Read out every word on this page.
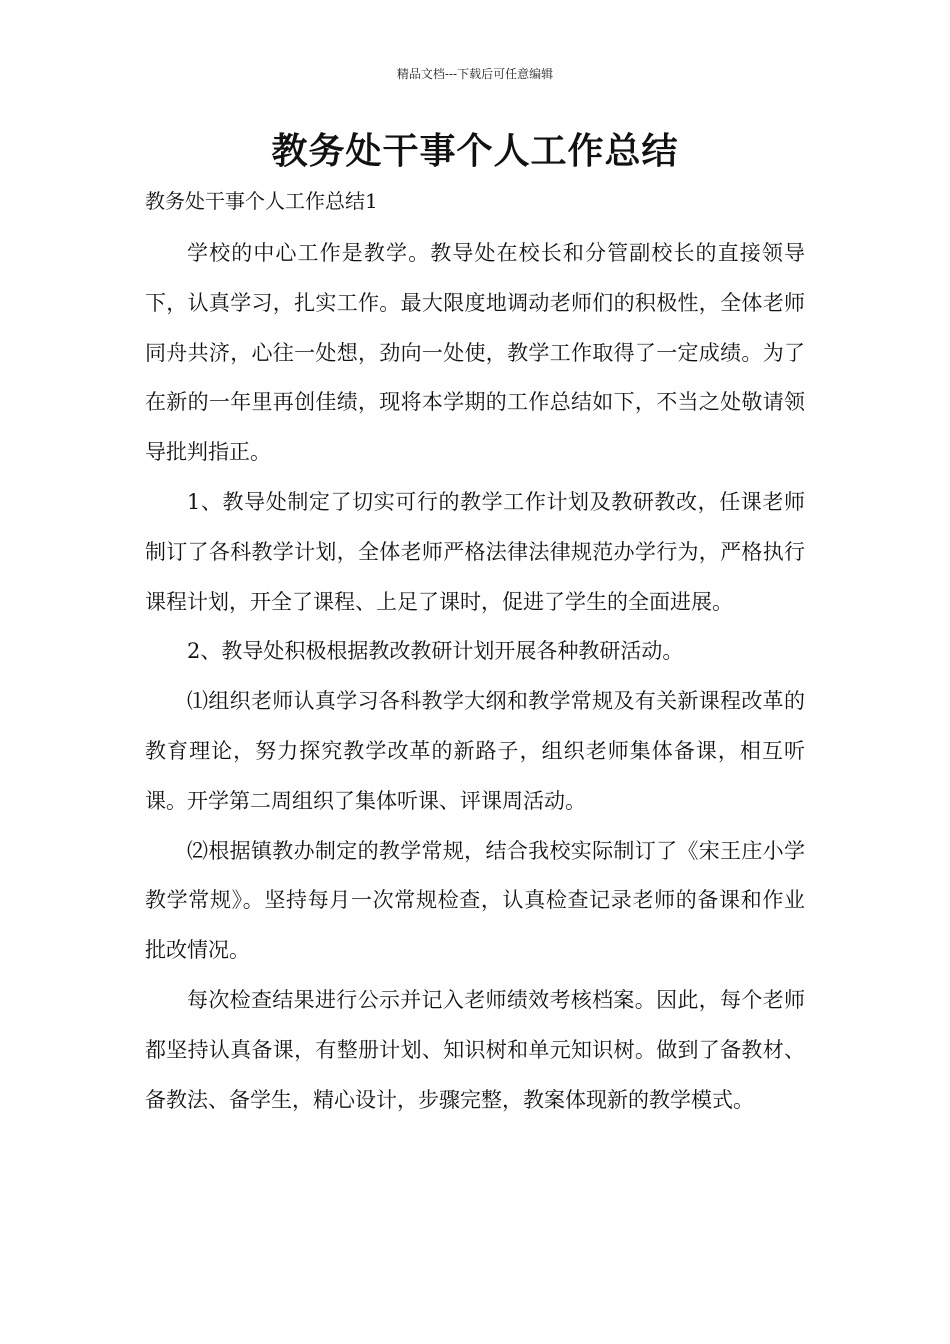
精品文档---下载后可任意编辑
教务处干事个人工作总结
教务处干事个人工作总结1

学校的中心工作是教学。教导处在校长和分管副校长的直接领导下，认真学习，扎实工作。最大限度地调动老师们的积极性，全体老师同舟共济，心往一处想，劲向一处使，教学工作取得了一定成绩。为了在新的一年里再创佳绩，现将本学期的工作总结如下，不当之处敬请领导批判指正。

1、教导处制定了切实可行的教学工作计划及教研教改，任课老师制订了各科教学计划，全体老师严格法律法律规范办学行为，严格执行课程计划，开全了课程、上足了课时，促进了学生的全面进展。

2、教导处积极根据教改教研计划开展各种教研活动。

⑴组织老师认真学习各科教学大纲和教学常规及有关新课程改革的教育理论，努力探究教学改革的新路子，组织老师集体备课，相互听课。开学第二周组织了集体听课、评课周活动。

⑵根据镇教办制定的教学常规，结合我校实际制订了《宋王庄小学教学常规》。坚持每月一次常规检查，认真检查记录老师的备课和作业批改情况。

每次检查结果进行公示并记入老师绩效考核档案。因此，每个老师都坚持认真备课，有整册计划、知识树和单元知识树。做到了备教材、备教法、备学生，精心设计，步骤完整，教案体现新的教学模式。
